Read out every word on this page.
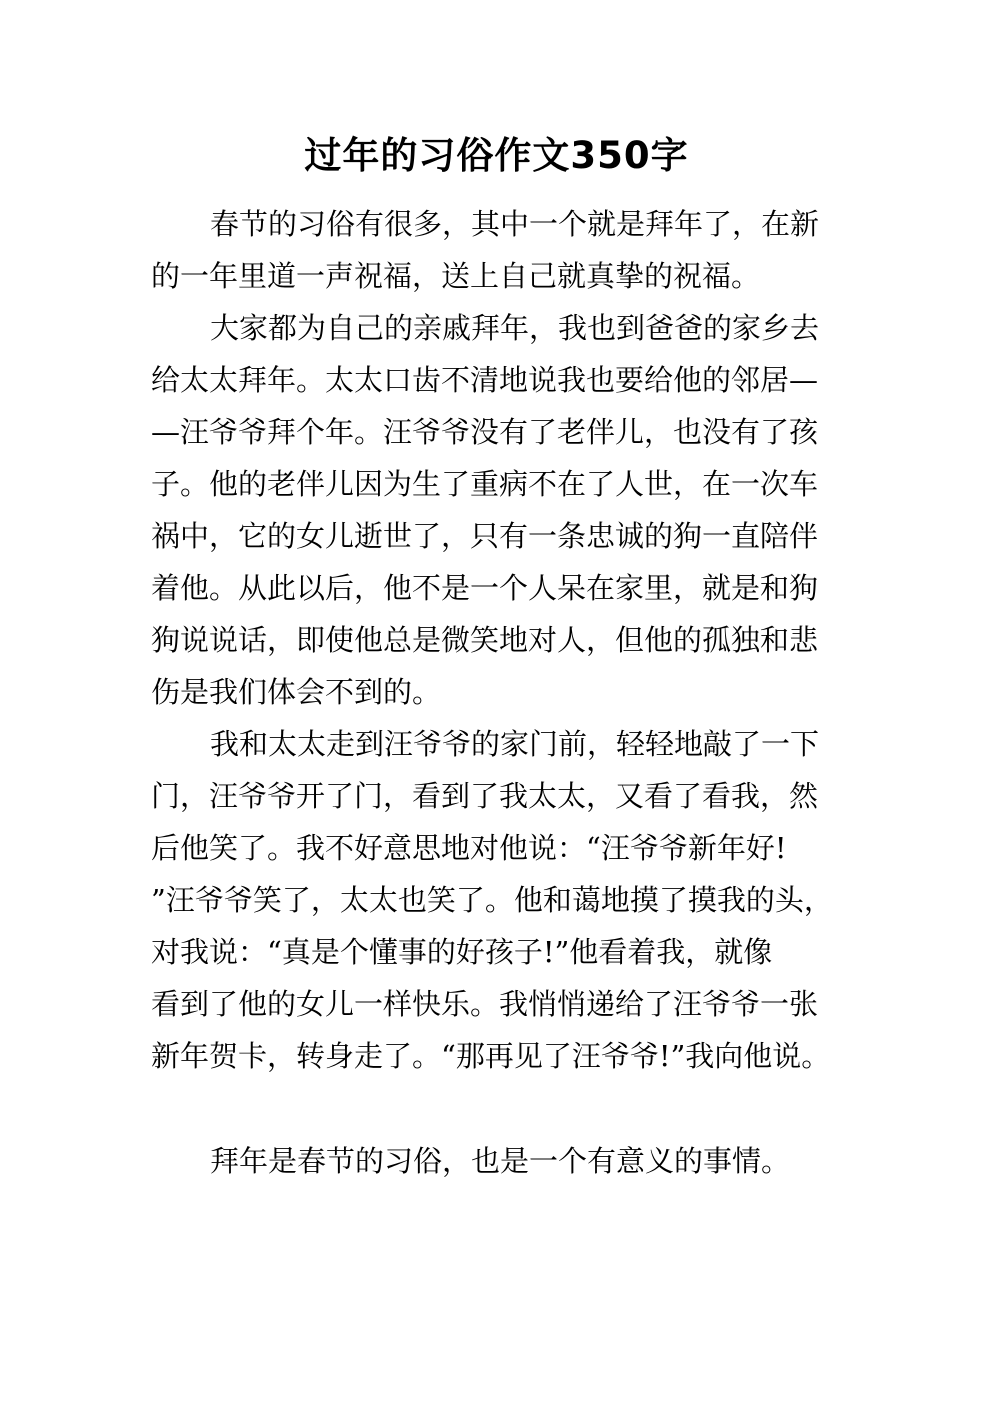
过年的习俗作文350字
春节的习俗有很多，其中一个就是拜年了，在新
的一年里道一声祝福，送上自己就真挚的祝福。
大家都为自己的亲戚拜年，我也到爸爸的家乡去
给太太拜年。太太口齿不清地说我也要给他的邻居—
—汪爷爷拜个年。汪爷爷没有了老伴儿，也没有了孩
子。他的老伴儿因为生了重病不在了人世，在一次车
祸中，它的女儿逝世了，只有一条忠诚的狗一直陪伴
着他。从此以后，他不是一个人呆在家里，就是和狗
狗说说话，即使他总是微笑地对人，但他的孤独和悲
伤是我们体会不到的。
我和太太走到汪爷爷的家门前，轻轻地敲了一下
门，汪爷爷开了门，看到了我太太，又看了看我，然
后他笑了。我不好意思地对他说：“汪爷爷新年好!
”汪爷爷笑了，太太也笑了。他和蔼地摸了摸我的头，
对我说：“真是个懂事的好孩子!”他看着我，就像
看到了他的女儿一样快乐。我悄悄递给了汪爷爷一张
新年贺卡，转身走了。“那再见了汪爷爷!”我向他说。
拜年是春节的习俗，也是一个有意义的事情。
